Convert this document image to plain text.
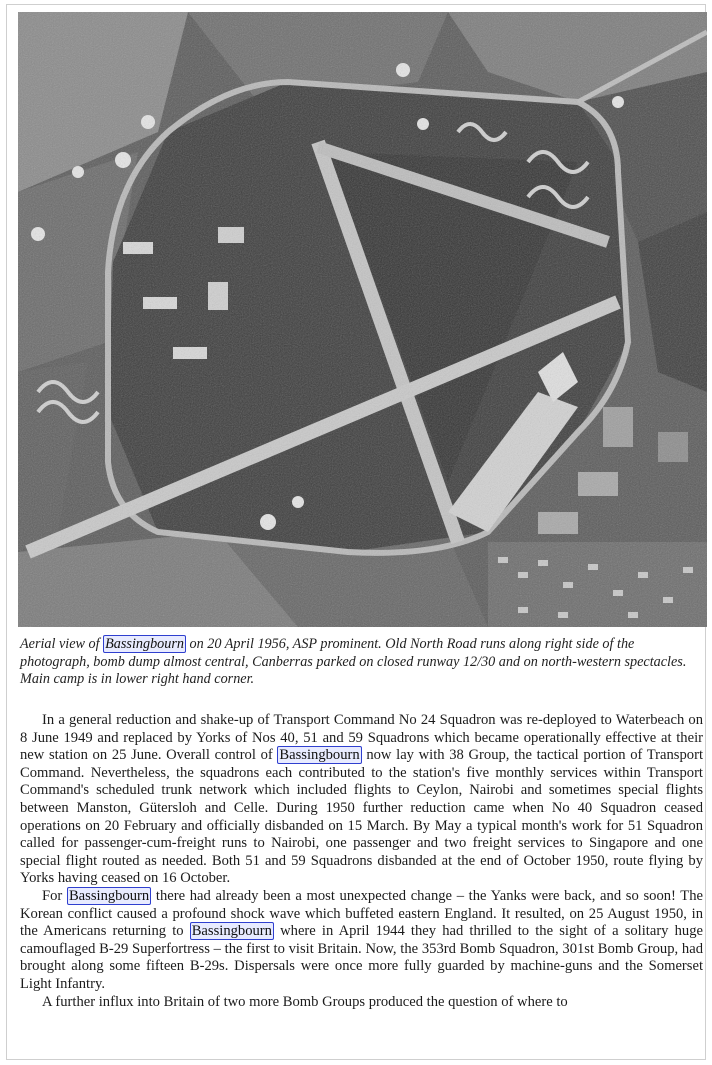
Aerial view of Bassingbourn on 20 April 1956, ASP prominent. Old North Road runs along right side of the photograph, bomb dump almost central, Canberras parked on closed runway 12/30 and on north-western spectacles. Main camp is in lower right hand corner.

In a general reduction and shake-up of Transport Command No 24 Squadron was re-deployed to Waterbeach on 8 June 1949 and replaced by Yorks of Nos 40, 51 and 59 Squadrons which became operationally effective at their new station on 25 June. Overall control of Bassingbourn now lay with 38 Group, the tactical portion of Transport Command. Nevertheless, the squadrons each contributed to the station's five monthly services within Transport Command's scheduled trunk network which included flights to Ceylon, Nairobi and sometimes special flights between Manston, Gütersloh and Celle. During 1950 further reduction came when No 40 Squadron ceased operations on 20 February and officially disbanded on 15 March. By May a typical month's work for 51 Squadron called for passenger-cum-freight runs to Nairobi, one passenger and two freight services to Singapore and one special flight routed as needed. Both 51 and 59 Squadrons disbanded at the end of October 1950, route flying by Yorks having ceased on 16 October.

For Bassingbourn there had already been a most unexpected change – the Yanks were back, and so soon! The Korean conflict caused a profound shock wave which buffeted eastern England. It resulted, on 25 August 1950, in the Americans returning to Bassingbourn where in April 1944 they had thrilled to the sight of a solitary huge camouflaged B-29 Superfortress – the first to visit Britain. Now, the 353rd Bomb Squadron, 301st Bomb Group, had brought along some fifteen B-29s. Dispersals were once more fully guarded by machine-guns and the Somerset Light Infantry.

A further influx into Britain of two more Bomb Groups produced the question of where to
